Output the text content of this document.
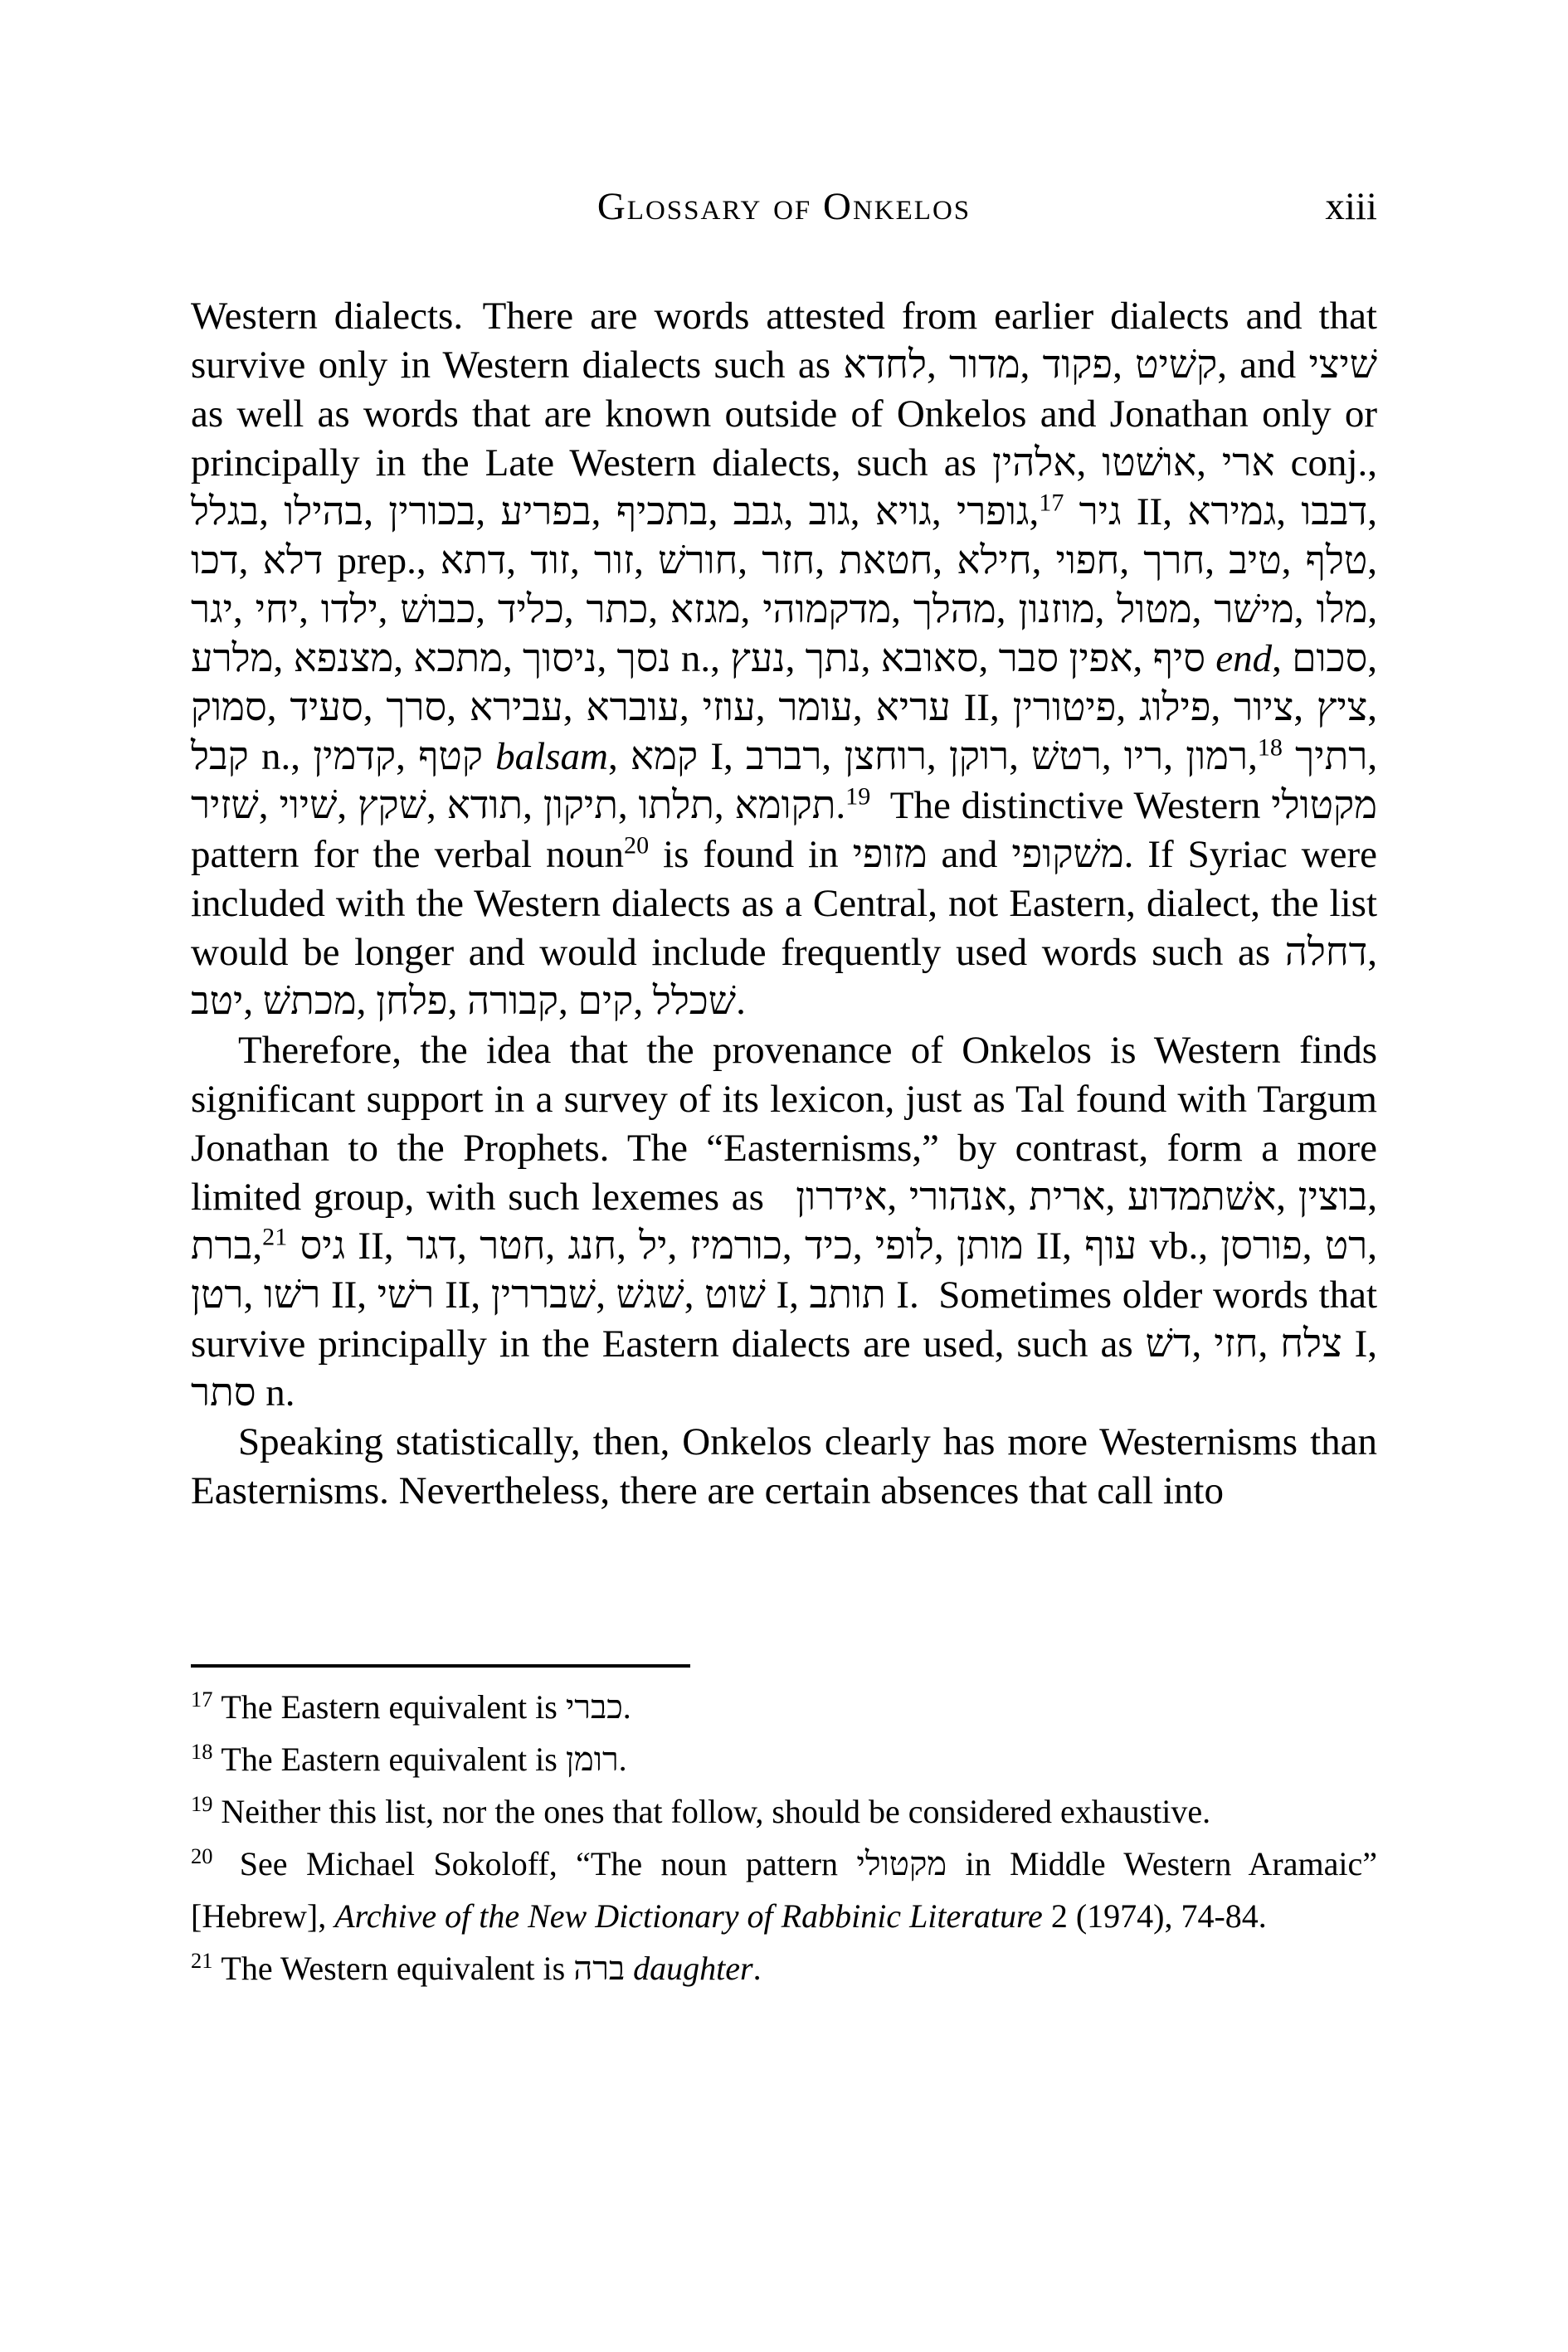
Glossary of Onkelos	xiii

Western dialects. There are words attested from earlier dialects and that survive only in Western dialects such as לחדא,‎ מדור,‎ פקוד,‎ קשׁיט,‎ and שׁיצי as well as words that are known outside of Onkelos and Jonathan only or principally in the Late Western dialects, such as אלהין,‎ אושׁטו,‎ ארי conj., בגלל,‎ בהילו,‎ בכורין,‎ בפריע,‎ בתכיף,‎ גבב,‎ גוב,‎ גויא,‎ גופרי,‎$^{17}$ גיר II, גמירא,‎ דבבו,‎ דכו,‎ דלא prep., דתא,‎ זוד,‎ זור,‎ חורשׁ,‎ חזר,‎ חטאת,‎ חילא,‎ חפוי,‎ חרך,‎ טיב,‎ טלף,‎ יגר,‎ יחי,‎ ילדו,‎ כבושׁ,‎ כליד,‎ כתר,‎ מגזא,‎ מדקמוהי,‎ מהלך,‎ מוזנון,‎ מטול,‎ מישׁר,‎ מלו,‎ מלרע,‎ מצנפא,‎ מתכא,‎ ניסוך,‎ נסך n., נעץ,‎ נתך,‎ סאובא,‎ סבר‎ אפין,‎ סיף end, סכום,‎ סמוק,‎ סעיד,‎ סרך,‎ עבירא,‎ עוברא,‎ עוזי,‎ עומר,‎ עריא II, פיטורין,‎ פילוג,‎ ציור,‎ ציץ,‎ קבל n., קדמין,‎ קטף balsam, קמא I, רברב,‎ רוחצן,‎ רוקן,‎ רטשׁ,‎ ריו,‎ רמון,‎$^{18}$ רתיך,‎ שׁזיר,‎ שׁיוי,‎ שׁקץ,‎ תודא,‎ תיקון,‎ תלתו,‎ תקומא.‎$^{19}$ The distinctive Western מקטולי pattern for the verbal noun$^{20}$ is found in מזופי and משׁקופי. If Syriac were included with the Western dialects as a Central, not Eastern, dialect, the list would be longer and would include frequently used words such as דחלה,‎ יטב,‎ מכתשׁ,‎ פלחן,‎ קבורה,‎ קים,‎ שׁכלל.

Therefore, the idea that the provenance of Onkelos is Western finds significant support in a survey of its lexicon, just as Tal found with Targum Jonathan to the Prophets. The “Easternisms,” by contrast, form a more limited group, with such lexemes as  אידרון,‎ אנהורי,‎ ארית,‎ אשׁתמדוע,‎ בוצין,‎ ברת,‎$^{21}$ גיס II, דגר,‎ חטר,‎ חנג,‎ יל,‎ כורמיז,‎ כיד,‎ לופי,‎ מותן II, עוף vb., פורסן,‎ רט,‎ רטן,‎ רשׁו II, רשׁי II, שׁבררין,‎ שׁגשׁ,‎ שׁוט I, תותב I. Sometimes older words that survive principally in the Eastern dialects are used, such as דשׁ,‎ חזי,‎ צלח I, סתר n.

Speaking statistically, then, Onkelos clearly has more Westernisms than Easternisms. Nevertheless, there are certain absences that call into

$^{17}$ The Eastern equivalent is כברי.

$^{18}$ The Eastern equivalent is רומן.

$^{19}$ Neither this list, nor the ones that follow, should be considered exhaustive.

$^{20}$ See Michael Sokoloff, “The noun pattern מקטולי in Middle Western Aramaic” [Hebrew], Archive of the New Dictionary of Rabbinic Literature 2 (1974), 74-84.

$^{21}$ The Western equivalent is ברה daughter.
